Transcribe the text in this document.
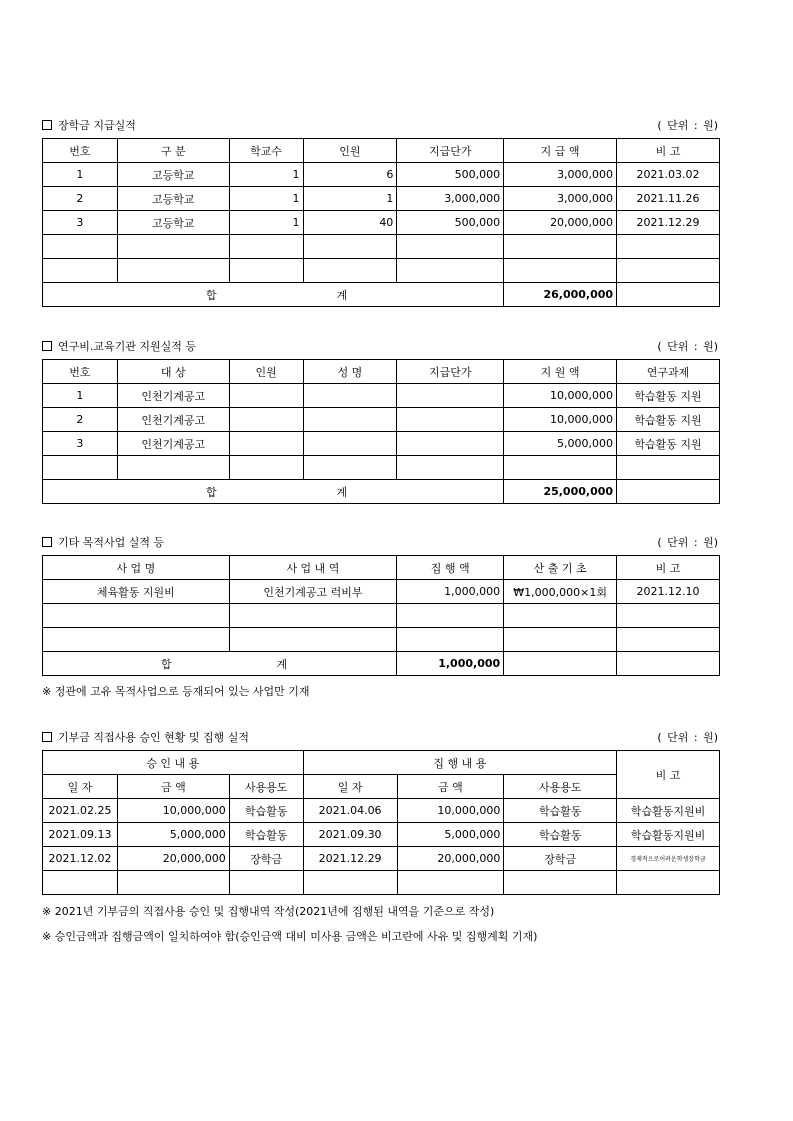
장학금 지급실적	( 단위 : 원)
번호	구 분	학교수	인원	지급단가	지 급 액	비 고
1	고등학교	1	6	500,000	3,000,000	2021.03.02
2	고등학교	1	1	3,000,000	3,000,000	2021.11.26
3	고등학교	1	40	500,000	20,000,000	2021.12.29

합 계					26,000,000	
연구비.교육기관 지원실적 등	( 단위 : 원)
번호	대 상	인원	성 명	지급단가	지 원 액	연구과제
1	인천기계공고				10,000,000	학습활동 지원
2	인천기계공고				10,000,000	학습활동 지원
3	인천기계공고				5,000,000	학습활동 지원

합 계					25,000,000	
기타 목적사업 실적 등	( 단위 : 원)
사 업 명	사 업 내 역	집 행 액	산 출 기 초	비 고
체육활동 지원비	인천기계공고 럭비부	1,000,000	₩1,000,000×1회	2021.12.10

합 계		1,000,000		
※ 정관에 고유 목적사업으로 등재되어 있는 사업만 기재
기부금 직접사용 승인 현황 및 집행 실적	( 단위 : 원)
승 인 내 용			집 행 내 용			비 고
일 자	금 액	사용용도	일 자	금 액	사용용도	
2021.02.25	10,000,000	학습활동	2021.04.06	10,000,000	학습활동	학습활동지원비
2021.09.13	5,000,000	학습활동	2021.09.30	5,000,000	학습활동	학습활동지원비
2021.12.02	20,000,000	장학금	2021.12.29	20,000,000	장학금	경제적으로어려운학생장학금

※ 2021년 기부금의 직접사용 승인 및 집행내역 작성(2021년에 집행된 내역을 기준으로 작성)
※ 승인금액과 집행금액이 일치하여야 함(승인금액 대비 미사용 금액은 비고란에 사유 및 집행계획 기재)
